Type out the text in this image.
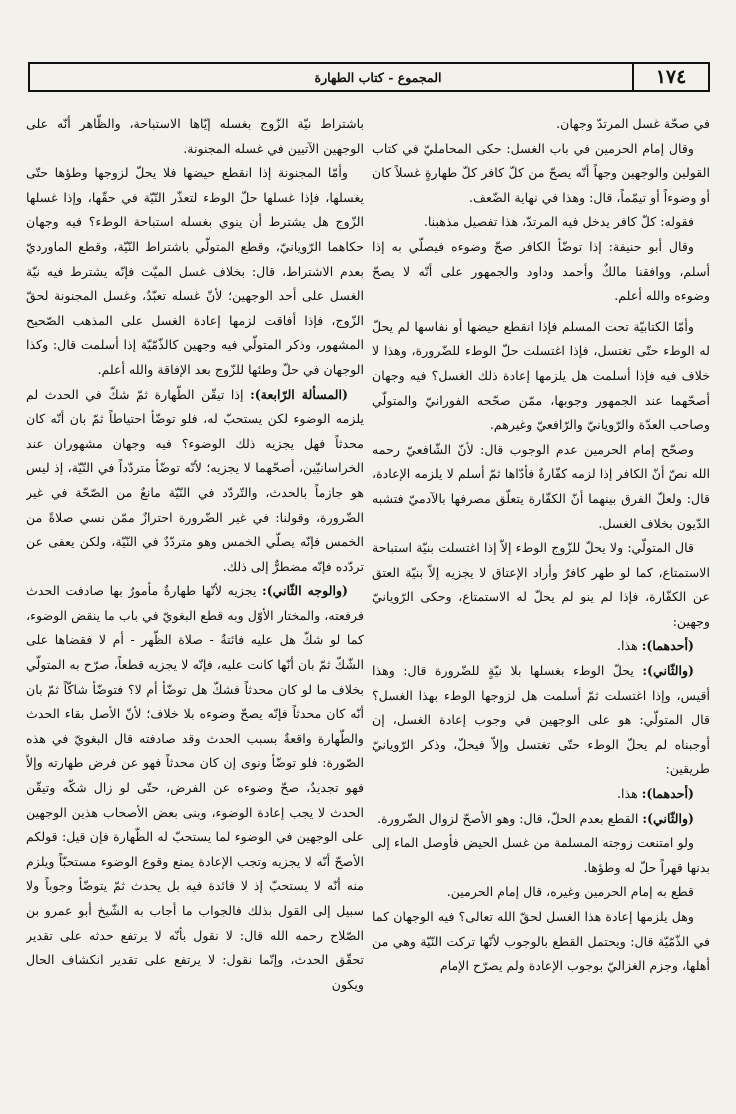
١٧٤
المجموع - كتاب الطهارة

في صحّة غسل المرتدّ وجهان.

وقال إمام الحرمين في باب الغسل: حكى المحامليّ في كتاب القولين والوجهين وجهاً أنّه يصحّ من كلّ كافر كلّ طهارةٍ غسلاً كان أو وضوءاً أو تيمّماً، قال: وهذا في نهاية الضّعف.

فقوله: كلّ كافر يدخل فيه المرتدّ، هذا تفصيل مذهبنا.

وقال أبو حنيفة: إذا توضّأ الكافر صحّ وضوءه فيصلّي به إذا أسلم، ووافقنا مالكٌ وأحمد وداود والجمهور على أنّه لا يصحّ وضوءه والله أعلم.

وأمّا الكتابيّة تحت المسلم فإذا انقطع حيضها أو نفاسها لم يحلّ له الوطء حتّى تغتسل، فإذا اغتسلت حلّ الوطء للضّرورة، وهذا لا خلاف فيه فإذا أسلمت هل يلزمها إعادة ذلك الغسل؟ فيه وجهان أصحّهما عند الجمهور وجوبها، ممّن صحّحه الفورانيّ والمتولّي وصاحب العدّة والرّويانيّ والرّافعيّ وغيرهم.

وصحّح إمام الحرمين عدم الوجوب قال: لأنّ الشّافعيّ رحمه الله نصّ أنّ الكافر إذا لزمه كفّارةٌ فأدّاها ثمّ أسلم لا يلزمه الإعادة، قال: ولعلّ الفرق بينهما أنّ الكفّارة يتعلّق مصرفها بالآدميّ فتشبه الدّيون بخلاف الغسل.

قال المتولّي: ولا يحلّ للزّوج الوطء إلاّ إذا اغتسلت بنيّة استباحة الاستمتاع، كما لو طهر كافرٌ وأراد الإعتاق لا يجزيه إلاّ بنيّة العتق عن الكفّارة، فإذا لم ينو لم يحلّ له الاستمتاع، وحكى الرّويانيّ وجهين:

(أحدهما): هذا.

(والثّاني): يحلّ الوطء بغسلها بلا نيّةٍ للضّرورة قال: وهذا أقيس، وإذا اغتسلت ثمّ أسلمت هل لزوجها الوطء بهذا الغسل؟ قال المتولّي: هو على الوجهين في وجوب إعادة الغسل، إن أوجبناه لم يحلّ الوطء حتّى تغتسل وإلاّ فيحلّ، وذكر الرّويانيّ طريقين:

(أحدهما): هذا.

(والثّاني): القطع بعدم الحلّ، قال: وهو الأصحّ لزوال الضّرورة.

ولو امتنعت زوجته المسلمة من غسل الحيض فأوصل الماء إلى بدنها قهراً حلّ له وطؤها.

قطع به إمام الحرمين وغيره، قال إمام الحرمين.

وهل يلزمها إعادة هذا الغسل لحقّ الله تعالى؟ فيه الوجهان كما في الذّمّيّة قال: ويحتمل القطع بالوجوب لأنّها تركت النّيّة وهي من أهلها، وجزم الغزاليّ بوجوب الإعادة ولم يصرّح الإمام

باشتراط نيّة الزّوج بغسله إيّاها الاستباحة، والظّاهر أنّه على الوجهين الآتيين في غسله المجنونة.

وأمّا المجنونة إذا انقطع حيضها فلا يحلّ لزوجها وطؤها حتّى يغسلها، فإذا غسلها حلّ الوطء لتعذّر النّيّة في حقّها، وإذا غسلها الزّوج هل يشترط أن ينوي بغسله استباحة الوطء؟ فيه وجهان حكاهما الرّويانيّ، وقطع المتولّي باشتراط النّيّة، وقطع الماورديّ بعدم الاشتراط، قال: بخلاف غسل الميّت فإنّه يشترط فيه نيّة الغسل على أحد الوجهين؛ لأنّ غسله تعبّدٌ، وغسل المجنونة لحقّ الزّوج، فإذا أفاقت لزمها إعادة الغسل على المذهب الصّحيح المشهور، وذكر المتولّي فيه وجهين كالذّمّيّة إذا أسلمت قال: وكذا الوجهان في حلّ وطئها للزّوج بعد الإفاقة والله أعلم.

(المسألة الرّابعة): إذا تيقّن الطّهارة ثمّ شكّ في الحدث لم يلزمه الوضوء لكن يستحبّ له، فلو توضّأ احتياطاً ثمّ بان أنّه كان محدثاً فهل يجزيه ذلك الوضوء؟ فيه وجهان مشهوران عند الخراسانيّين، أصحّهما لا يجزيه؛ لأنّه توضّأ متردّداً في النّيّة، إذ ليس هو جازماً بالحدث، والتّردّد في النّيّة مانعٌ من الصّحّة في غير الضّرورة، وقولنا: في غير الضّرورة احترازٌ ممّن نسي صلاةً من الخمس فإنّه يصلّي الخمس وهو متردّدٌ في النّيّة، ولكن يعفى عن تردّده فإنّه مضطرٌّ إلى ذلك.

(والوجه الثّاني): يجزيه لأنّها طهارةٌ مأمورٌ بها صادفت الحدث فرفعته، والمختار الأوّل وبه قطع البغويّ في باب ما ينقض الوضوء، كما لو شكّ هل عليه فائتةٌ - صلاة الظّهر - أم لا فقضاها على الشّكّ ثمّ بان أنّها كانت عليه، فإنّه لا يجزيه قطعاً، صرّح به المتولّي بخلاف ما لو كان محدثاً فشكّ هل توضّأ أم لا؟ فتوضّأ شاكّاً ثمّ بان أنّه كان محدثاً فإنّه يصحّ وضوءه بلا خلاف؛ لأنّ الأصل بقاء الحدث والطّهارة واقعةٌ بسبب الحدث وقد صادفته قال البغويّ في هذه الصّورة: فلو توضّأ ونوى إن كان محدثاً فهو عن فرض طهارته وإلاّ فهو تجديدٌ، صحّ وضوءه عن الفرض، حتّى لو زال شكّه وتيقّن الحدث لا يجب إعادة الوضوء، وبنى بعض الأصحاب هذين الوجهين على الوجهين في الوضوء لما يستحبّ له الطّهارة فإن قيل: قولكم الأصحّ أنّه لا يجزيه وتجب الإعادة يمنع وقوع الوضوء مستحبّاً ويلزم منه أنّه لا يستحبّ إذ لا فائدة فيه بل يحدث ثمّ يتوضّأ وجوباً ولا سبيل إلى القول بذلك فالجواب ما أجاب به الشّيخ أبو عمرو بن الصّلاح رحمه الله قال: لا نقول بأنّه لا يرتفع حدثه على تقدير تحقّق الحدث، وإنّما نقول: لا يرتفع على تقدير انكشاف الحال ويكون
